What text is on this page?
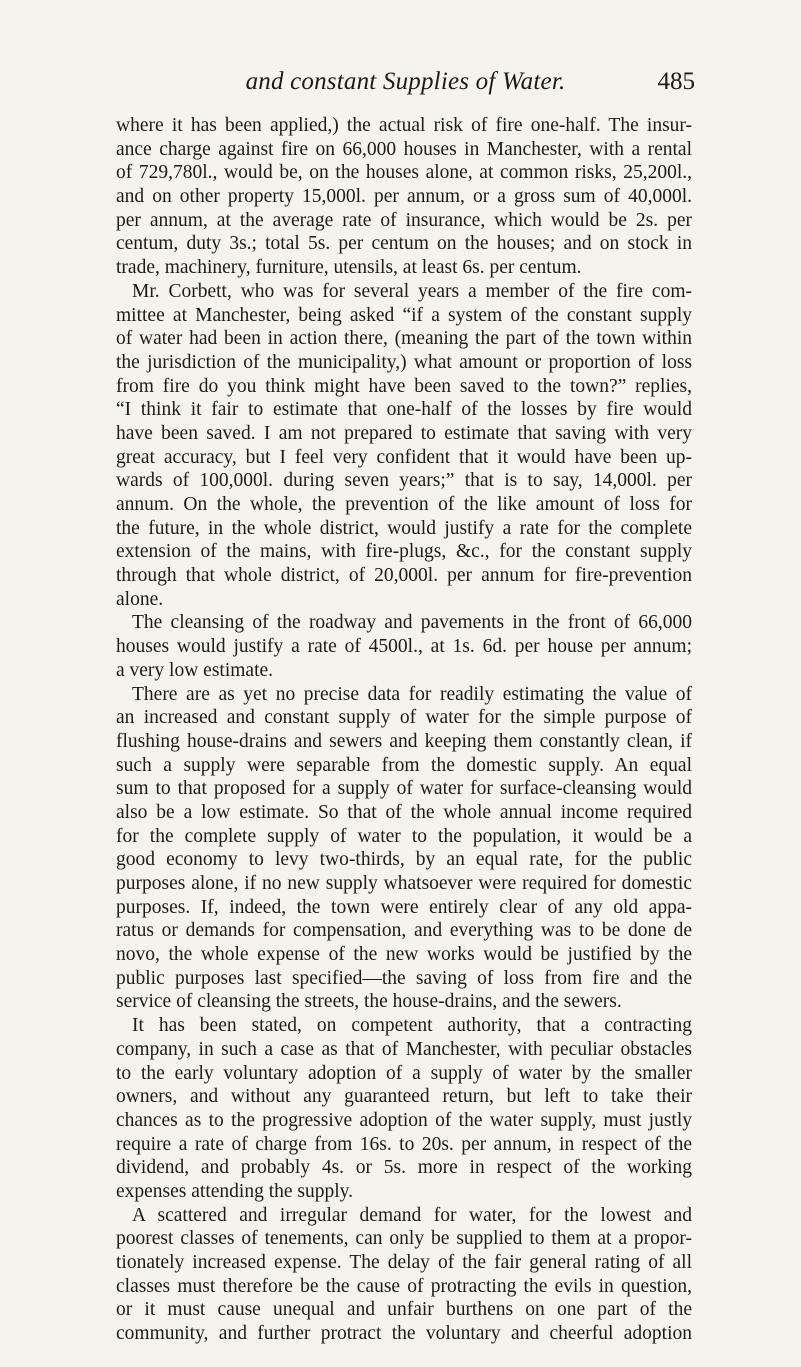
and constant Supplies of Water.	485
where it has been applied,) the actual risk of fire one-half. The insur-
ance charge against fire on 66,000 houses in Manchester, with a rental
of 729,780l., would be, on the houses alone, at common risks, 25,200l.,
and on other property 15,000l. per annum, or a gross sum of 40,000l.
per annum, at the average rate of insurance, which would be 2s. per
centum, duty 3s.; total 5s. per centum on the houses; and on stock in
trade, machinery, furniture, utensils, at least 6s. per centum.
Mr. Corbett, who was for several years a member of the fire com-
mittee at Manchester, being asked “if a system of the constant supply
of water had been in action there, (meaning the part of the town within
the jurisdiction of the municipality,) what amount or proportion of loss
from fire do you think might have been saved to the town?” replies,
“I think it fair to estimate that one-half of the losses by fire would
have been saved. I am not prepared to estimate that saving with very
great accuracy, but I feel very confident that it would have been up-
wards of 100,000l. during seven years;” that is to say, 14,000l. per
annum. On the whole, the prevention of the like amount of loss for
the future, in the whole district, would justify a rate for the complete
extension of the mains, with fire-plugs, &c., for the constant supply
through that whole district, of 20,000l. per annum for fire-prevention
alone.
The cleansing of the roadway and pavements in the front of 66,000
houses would justify a rate of 4500l., at 1s. 6d. per house per annum;
a very low estimate.
There are as yet no precise data for readily estimating the value of
an increased and constant supply of water for the simple purpose of
flushing house-drains and sewers and keeping them constantly clean, if
such a supply were separable from the domestic supply. An equal
sum to that proposed for a supply of water for surface-cleansing would
also be a low estimate. So that of the whole annual income required
for the complete supply of water to the population, it would be a
good economy to levy two-thirds, by an equal rate, for the public
purposes alone, if no new supply whatsoever were required for domestic
purposes. If, indeed, the town were entirely clear of any old appa-
ratus or demands for compensation, and everything was to be done de
novo, the whole expense of the new works would be justified by the
public purposes last specified—the saving of loss from fire and the
service of cleansing the streets, the house-drains, and the sewers.
It has been stated, on competent authority, that a contracting
company, in such a case as that of Manchester, with peculiar obstacles
to the early voluntary adoption of a supply of water by the smaller
owners, and without any guaranteed return, but left to take their
chances as to the progressive adoption of the water supply, must justly
require a rate of charge from 16s. to 20s. per annum, in respect of the
dividend, and probably 4s. or 5s. more in respect of the working
expenses attending the supply.
A scattered and irregular demand for water, for the lowest and
poorest classes of tenements, can only be supplied to them at a propor-
tionately increased expense. The delay of the fair general rating of all
classes must therefore be the cause of protracting the evils in question,
or it must cause unequal and unfair burthens on one part of the
community, and further protract the voluntary and cheerful adoption
